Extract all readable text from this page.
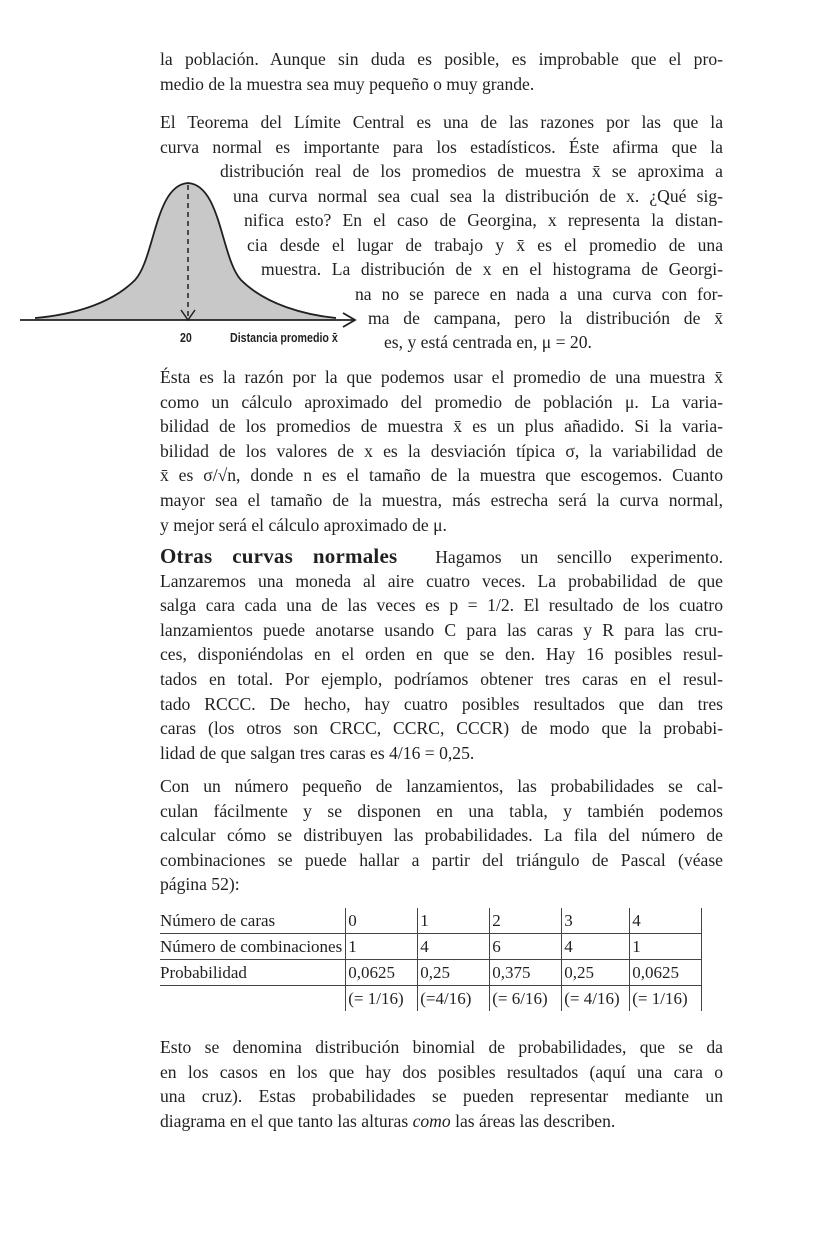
la población. Aunque sin duda es posible, es improbable que el pro-
medio de la muestra sea muy pequeño o muy grande.
El Teorema del Límite Central es una de las razones por las que la
curva normal es importante para los estadísticos. Éste afirma que la
distribución real de los promedios de muestra x̄ se aproxima a
una curva normal sea cual sea la distribución de x. ¿Qué sig-
nifica esto? En el caso de Georgina, x representa la distan-
cia desde el lugar de trabajo y x̄ es el promedio de una
muestra. La distribución de x en el histograma de Georgi-
na no se parece en nada a una curva con for-
ma de campana, pero la distribución de x̄
es, y está centrada en, μ = 20.
20	Distancia promedio x̄
Ésta es la razón por la que podemos usar el promedio de una muestra x̄
como un cálculo aproximado del promedio de población μ. La varia-
bilidad de los promedios de muestra x̄ es un plus añadido. Si la varia-
bilidad de los valores de x es la desviación típica σ, la variabilidad de
x̄ es σ/√n, donde n es el tamaño de la muestra que escogemos. Cuanto
mayor sea el tamaño de la muestra, más estrecha será la curva normal,
y mejor será el cálculo aproximado de μ.
Otras curvas normales Hagamos un sencillo experimento.
Lanzaremos una moneda al aire cuatro veces. La probabilidad de que
salga cara cada una de las veces es p = 1/2. El resultado de los cuatro
lanzamientos puede anotarse usando C para las caras y R para las cru-
ces, disponiéndolas en el orden en que se den. Hay 16 posibles resul-
tados en total. Por ejemplo, podríamos obtener tres caras en el resul-
tado RCCC. De hecho, hay cuatro posibles resultados que dan tres
caras (los otros son CRCC, CCRC, CCCR) de modo que la probabi-
lidad de que salgan tres caras es 4/16 = 0,25.
Con un número pequeño de lanzamientos, las probabilidades se cal-
culan fácilmente y se disponen en una tabla, y también podemos
calcular cómo se distribuyen las probabilidades. La fila del número de
combinaciones se puede hallar a partir del triángulo de Pascal (véase
página 52):
Número de caras	0	1	2	3	4
Número de combinaciones	1	4	6	4	1
Probabilidad	0,0625	0,25	0,375	0,25	0,0625
	(= 1/16)	(=4/16)	(= 6/16)	(= 4/16)	(= 1/16)
Esto se denomina distribución binomial de probabilidades, que se da
en los casos en los que hay dos posibles resultados (aquí una cara o
una cruz). Estas probabilidades se pueden representar mediante un
diagrama en el que tanto las alturas como las áreas las describen.
